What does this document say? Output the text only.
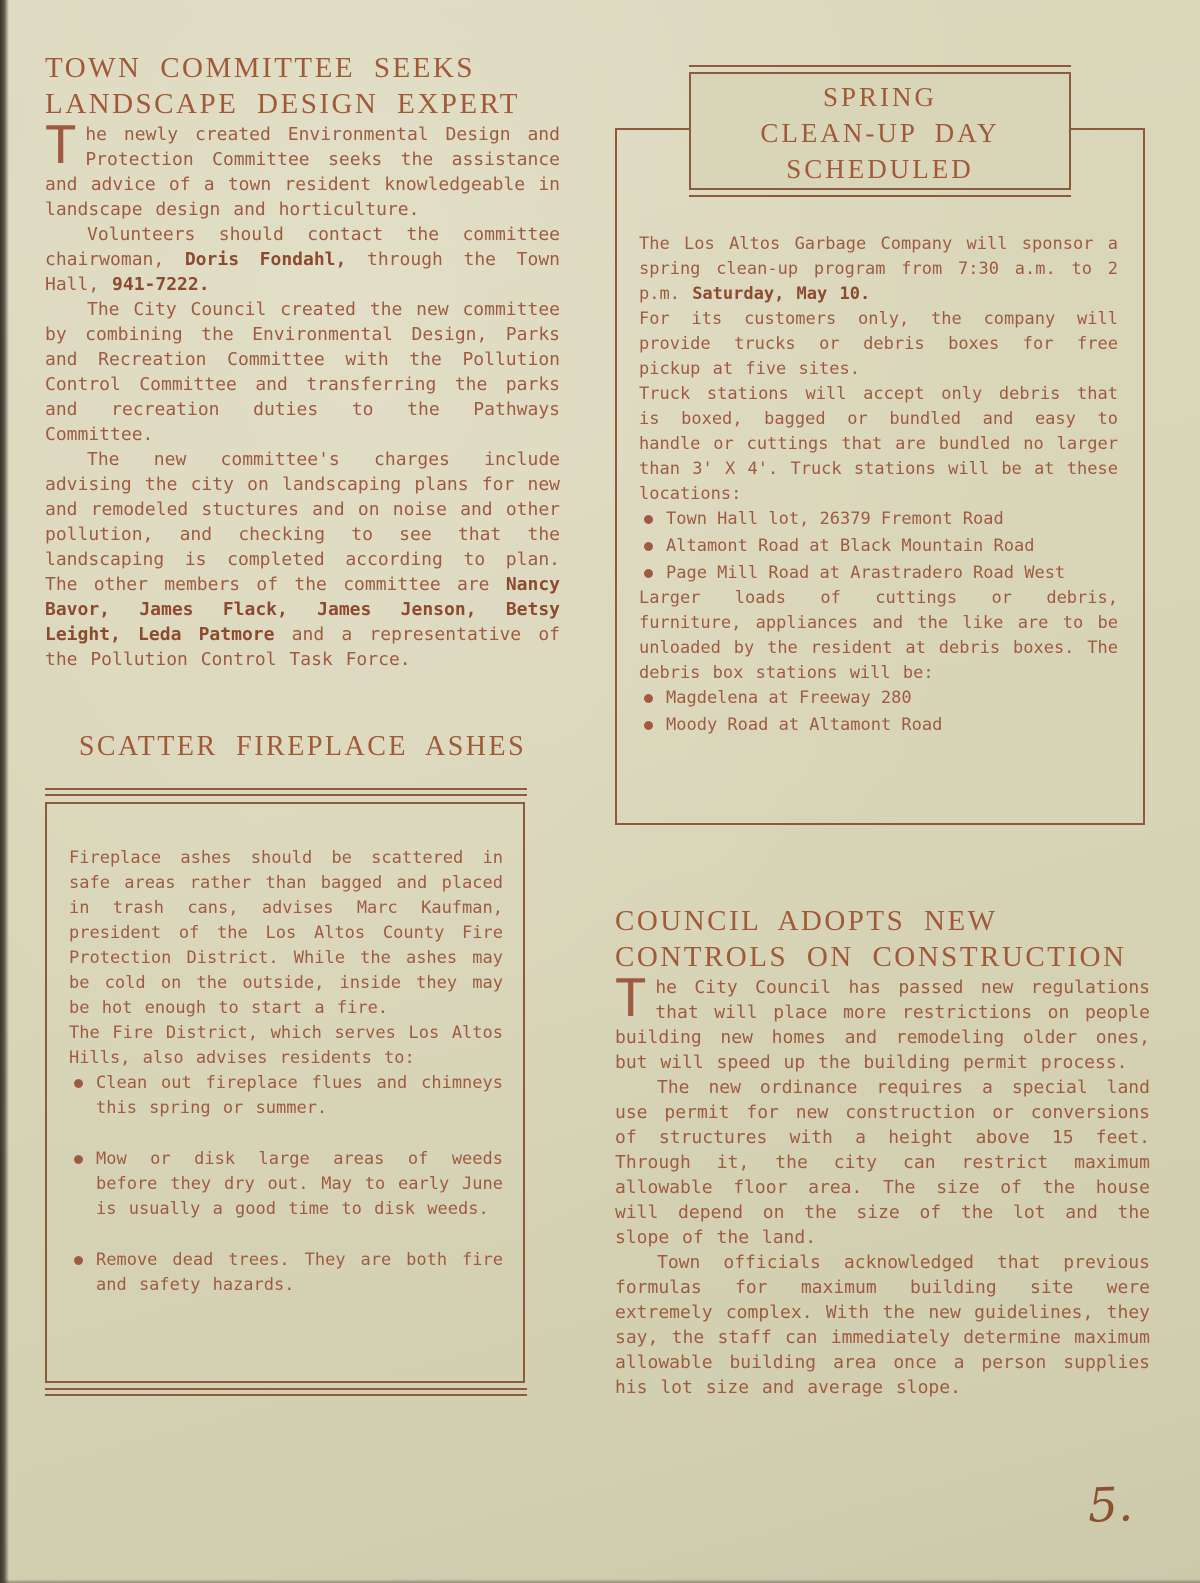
TOWN COMMITTEE SEEKS
LANDSCAPE DESIGN EXPERT

The newly created Environmental Design and Protection Committee seeks the assistance and advice of a town resident knowledgeable in landscape design and horticulture.

Volunteers should contact the committee chairwoman, Doris Fondahl, through the Town Hall, 941-7222.

The City Council created the new committee by combining the Environmental Design, Parks and Recreation Committee with the Pollution Control Committee and transferring the parks and recreation duties to the Pathways Committee.

The new committee's charges include advising the city on landscaping plans for new and remodeled stuctures and on noise and other pollution, and checking to see that the landscaping is completed according to plan. The other members of the committee are Nancy Bavor, James Flack, James Jenson, Betsy Leight, Leda Patmore and a representative of the Pollution Control Task Force.

SCATTER FIREPLACE ASHES

Fireplace ashes should be scattered in safe areas rather than bagged and placed in trash cans, advises Marc Kaufman, president of the Los Altos County Fire Protection District. While the ashes may be cold on the outside, inside they may be hot enough to start a fire.

The Fire District, which serves Los Altos Hills, also advises residents to:

Clean out fireplace flues and chimneys this spring or summer.
Mow or disk large areas of weeds before they dry out. May to early June is usually a good time to disk weeds.
Remove dead trees. They are both fire and safety hazards.
SPRING
CLEAN-UP DAY
SCHEDULED

The Los Altos Garbage Company will sponsor a spring clean-up program from 7:30 a.m. to 2 p.m. Saturday, May 10.

For its customers only, the company will provide trucks or debris boxes for free pickup at five sites.

Truck stations will accept only debris that is boxed, bagged or bundled and easy to handle or cuttings that are bundled no larger than 3' X 4'. Truck stations will be at these locations:

Town Hall lot, 26379 Fremont Road
Altamont Road at Black Mountain Road
Page Mill Road at Arastradero Road West

Larger loads of cuttings or debris, furniture, appliances and the like are to be unloaded by the resident at debris boxes. The debris box stations will be:

Magdelena at Freeway 280
Moody Road at Altamont Road
COUNCIL ADOPTS NEW
CONTROLS ON CONSTRUCTION

The City Council has passed new regulations that will place more restrictions on people building new homes and remodeling older ones, but will speed up the building permit process.

The new ordinance requires a special land use permit for new construction or conversions of structures with a height above 15 feet. Through it, the city can restrict maximum allowable floor area. The size of the house will depend on the size of the lot and the slope of the land.

Town officials acknowledged that previous formulas for maximum building site were extremely complex. With the new guidelines, they say, the staff can immediately determine maximum allowable building area once a person supplies his lot size and average slope.

5.
